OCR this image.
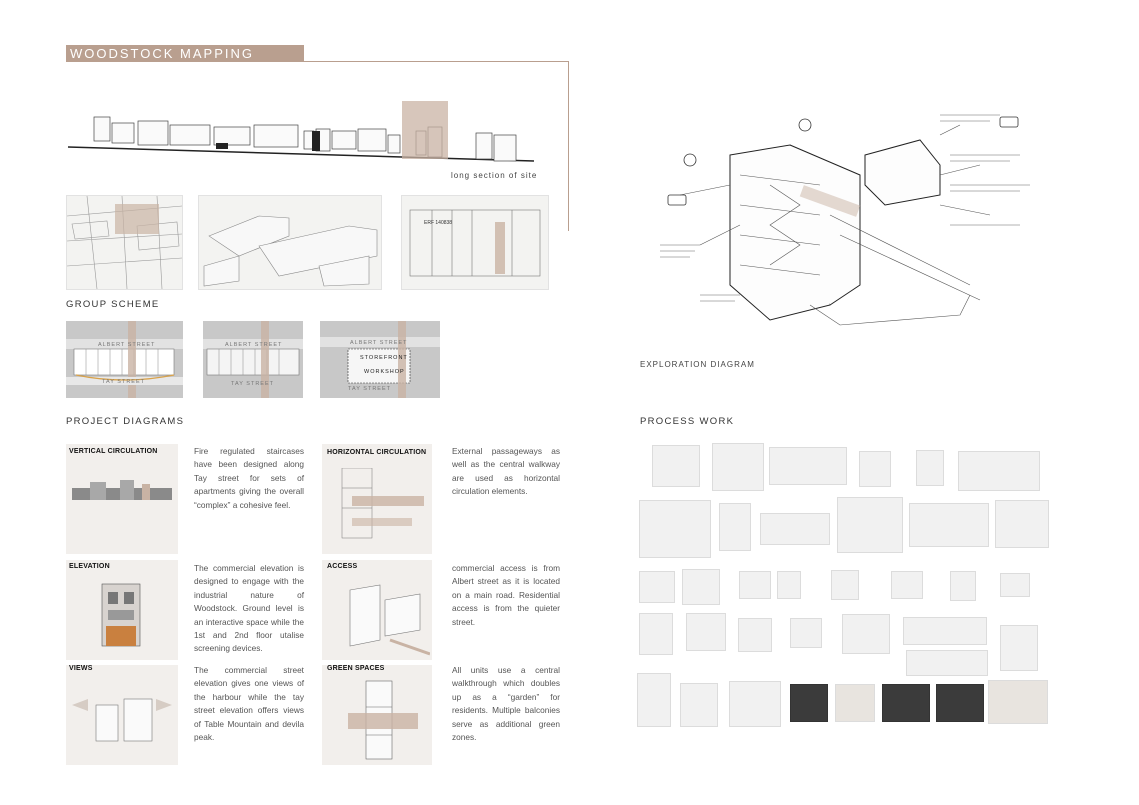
WOODSTOCK MAPPING
long section of site
ERF 140838
GROUP SCHEME
ALBERT STREET
TAY STREET
ALBERT STREET
TAY STREET
STOREFRONT
WORKSHOP
ALBERT STREET
TAY STREET
EXPLORATION DIAGRAM
PROJECT DIAGRAMS
VERTICAL CIRCULATION	Fire regulated staircases have been designed along Tay street for sets of apartments giving the overall “complex” a cohesive feel.
HORIZONTAL CIRCULATION	External passageways as well as the central walkway are used as horizontal circulation elements.
ELEVATION	The commercial elevation is designed to engage with the industrial nature of Woodstock. Ground level is an interactive space while the 1st and 2nd floor utalise screening devices.
ACCESS	commercial access is from Albert street as it is located on a main road. Residential access is from the quieter street.
VIEWS	The commercial street elevation gives one views of the harbour while the tay street elevation offers views of Table Mountain and devila peak.
GREEN SPACES	All units use a central walkthrough which doubles up as a “garden” for residents. Multiple balconies serve as additional green zones.
PROCESS WORK
